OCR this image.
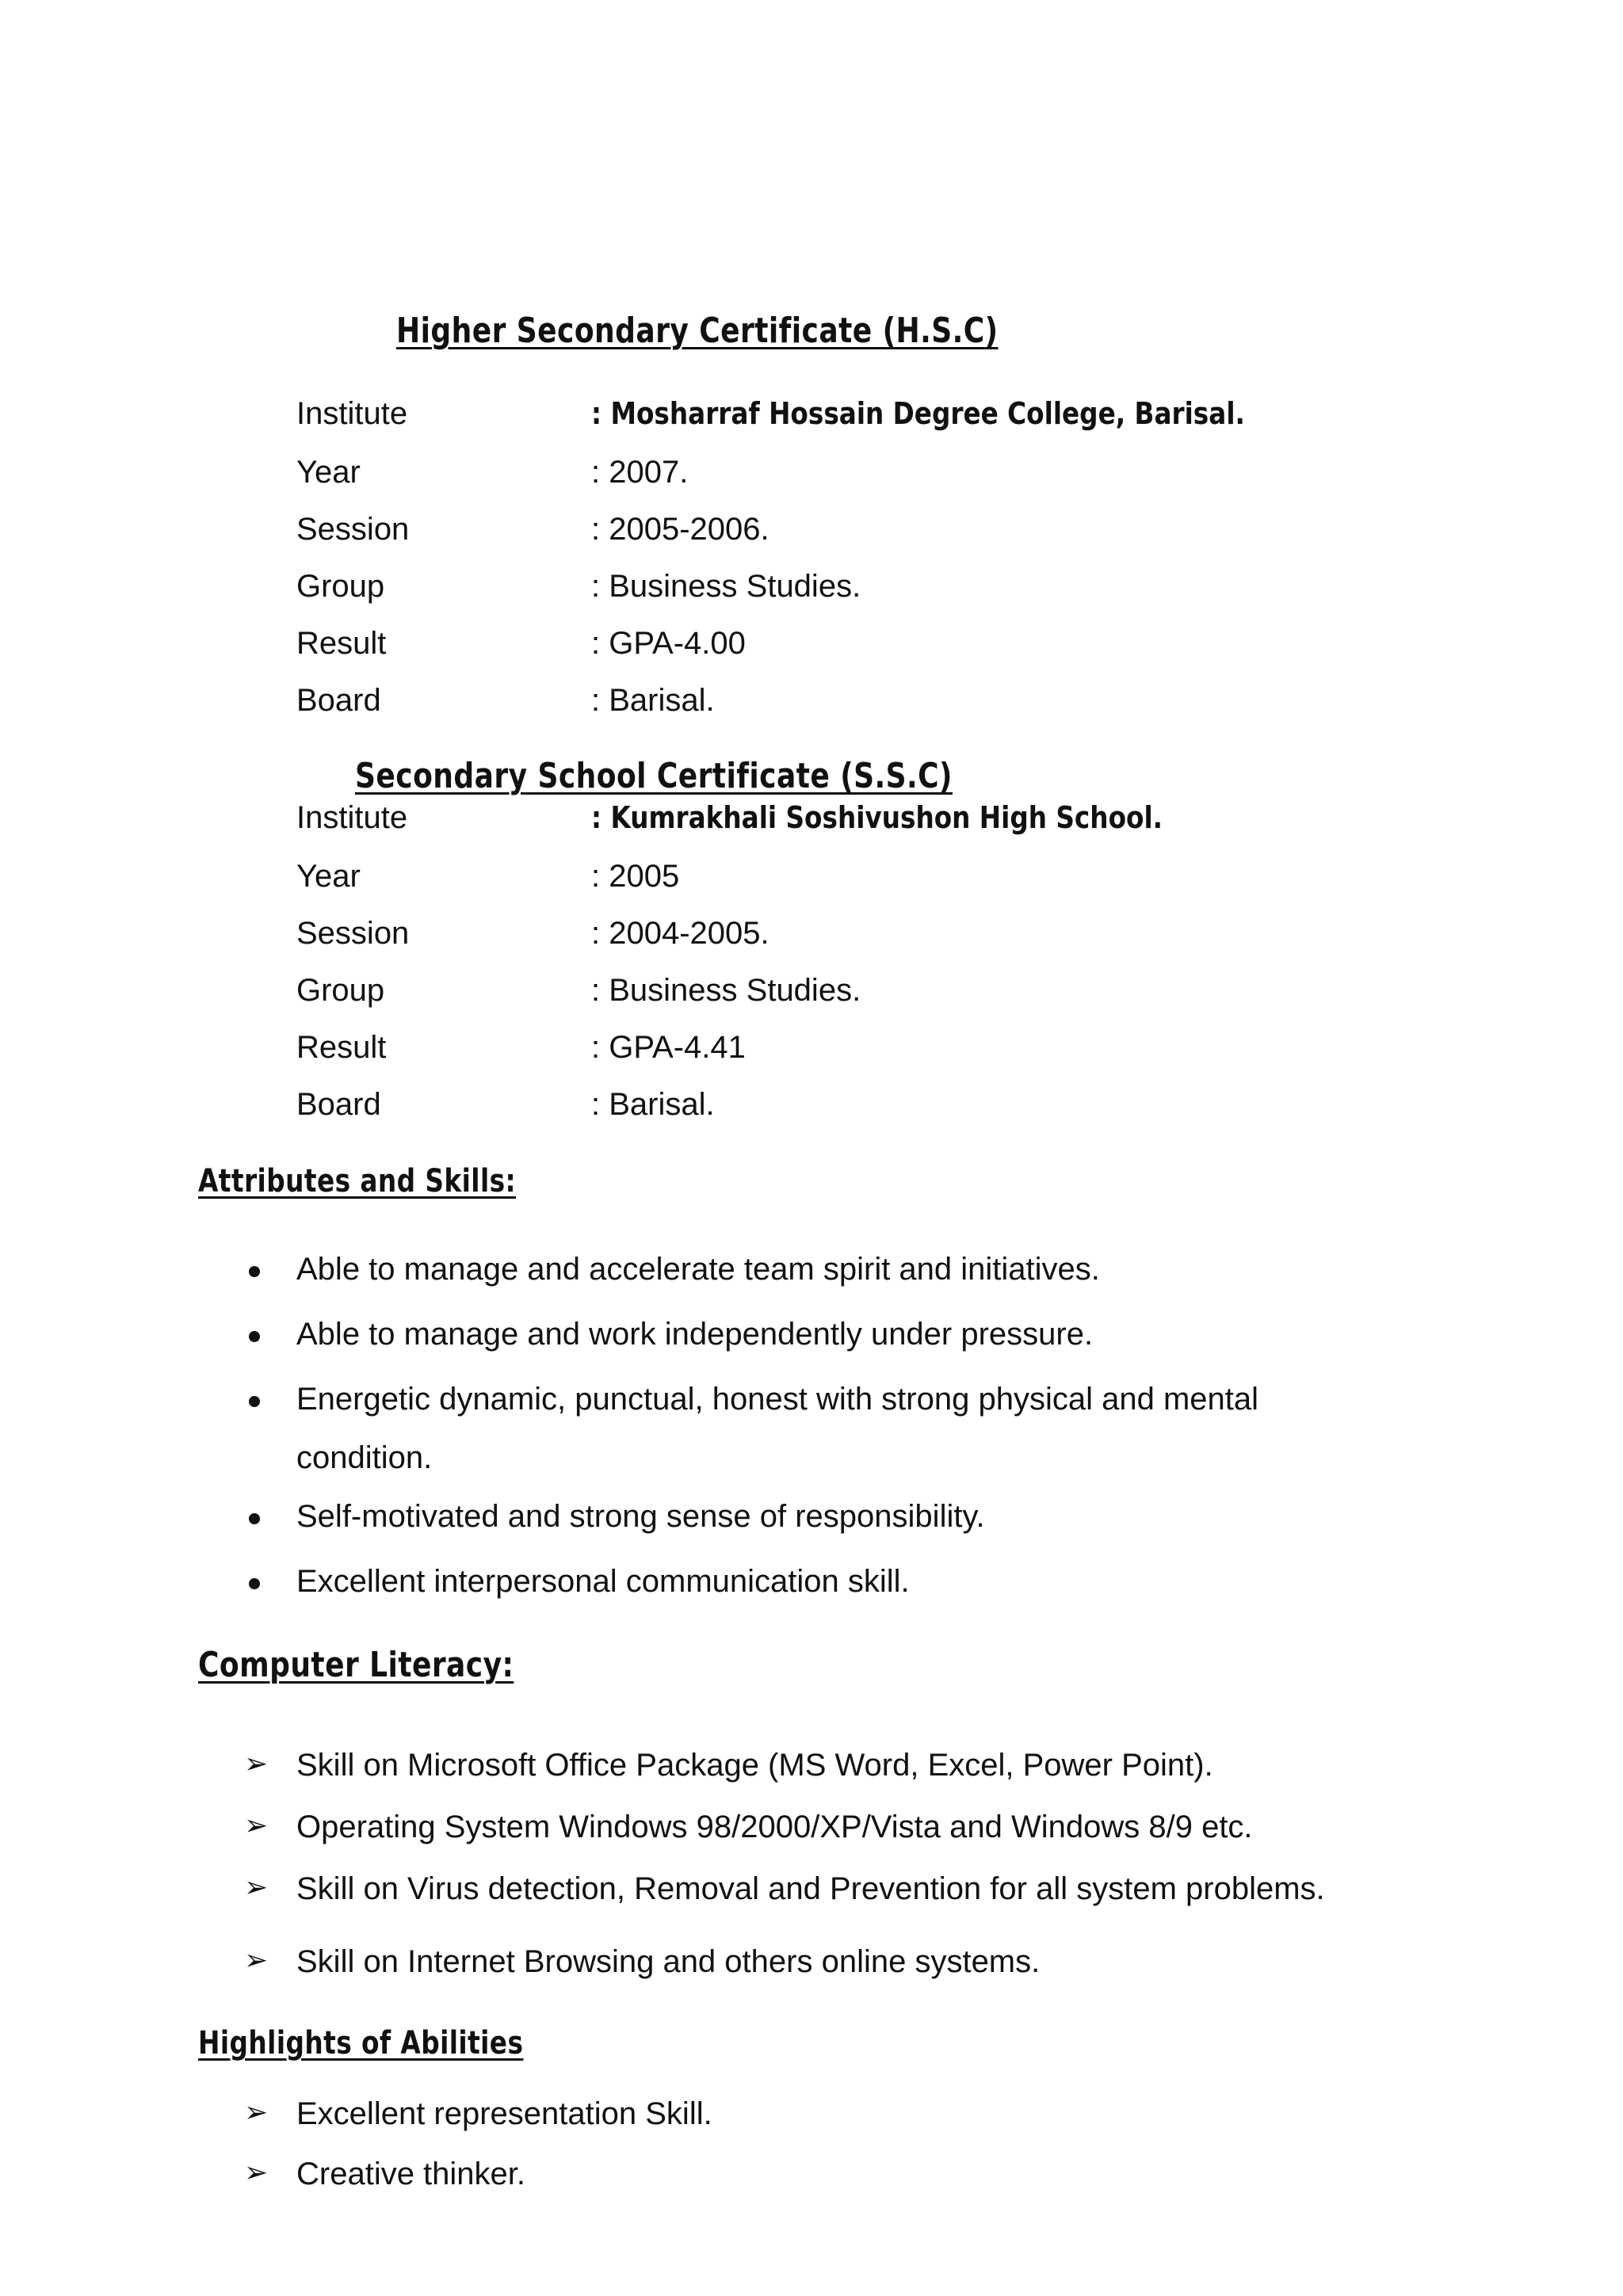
Higher Secondary Certificate (H.S.C)
Institute	: Mosharraf Hossain Degree College, Barisal.
Year	: 2007.
Session	: 2005-2006.
Group	: Business Studies.
Result	: GPA-4.00
Board	: Barisal.
Secondary School Certificate (S.S.C)
Institute	: Kumrakhali Soshivushon High School.
Year	: 2005
Session	: 2004-2005.
Group	: Business Studies.
Result	: GPA-4.41
Board	: Barisal.
Attributes and Skills:
Able to manage and accelerate team spirit and initiatives.
Able to manage and work independently under pressure.
Energetic dynamic, punctual, honest with strong physical and mental
condition.
Self-motivated and strong sense of responsibility.
Excellent interpersonal communication skill.
Computer Literacy:
➢ Skill on Microsoft Office Package (MS Word, Excel, Power Point).
➢ Operating System Windows 98/2000/XP/Vista and Windows 8/9 etc.
➢ Skill on Virus detection, Removal and Prevention for all system problems.
➢ Skill on Internet Browsing and others online systems.
Highlights of Abilities
➢ Excellent representation Skill.
➢ Creative thinker.
